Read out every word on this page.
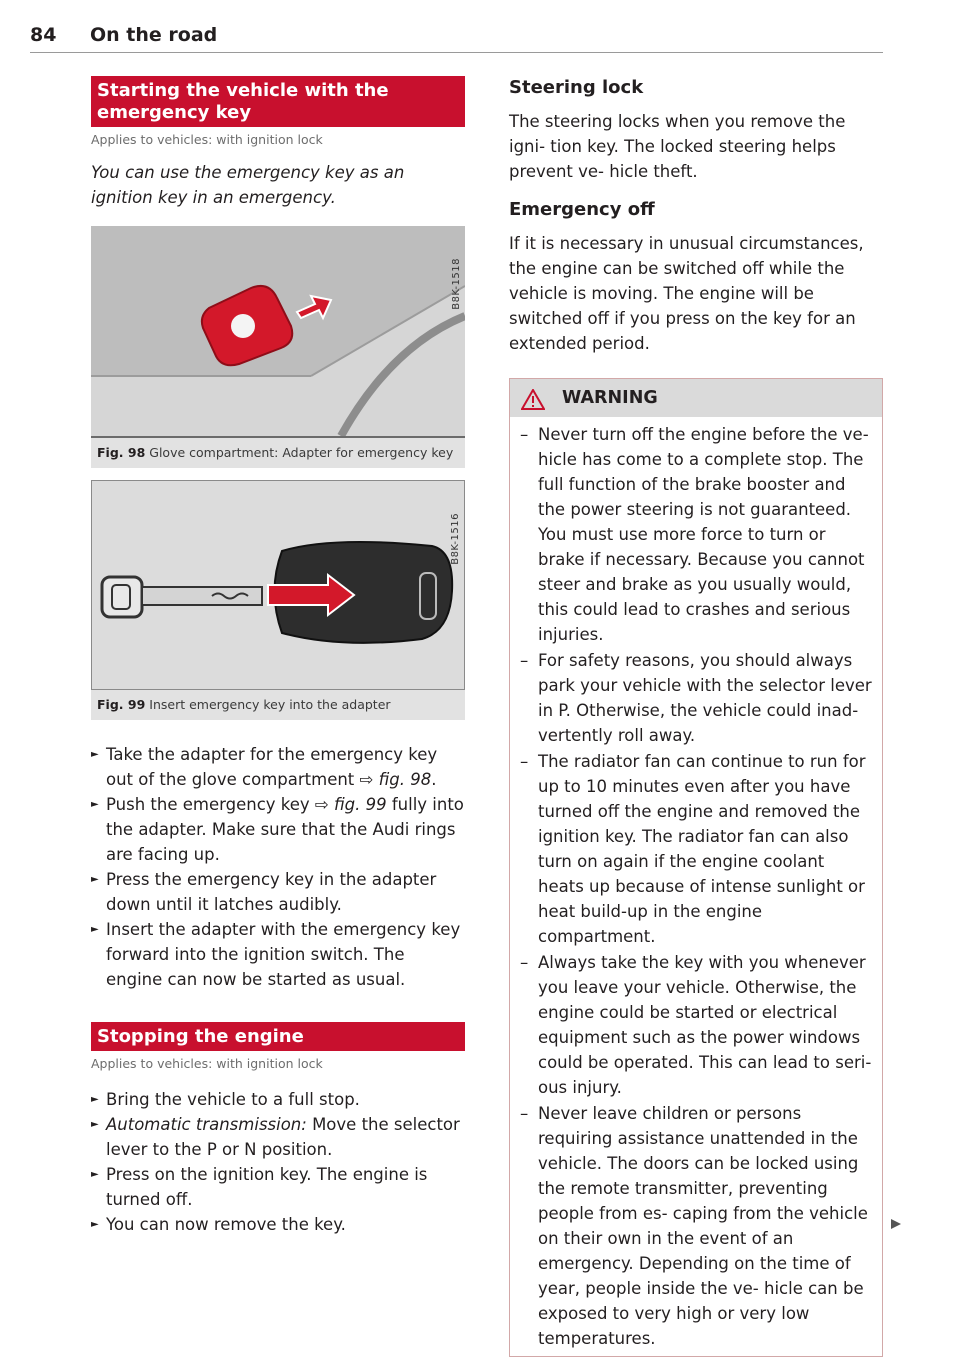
84 On the road
Starting the vehicle with the emergency key
Applies to vehicles: with ignition lock
You can use the emergency key as an ignition key in an emergency.
B8K-1518
Fig. 98 Glove compartment: Adapter for emergency key
B8K-1516
Fig. 99 Insert emergency key into the adapter
► Take the adapter for the emergency key out of the glove compartment ⇨ fig. 98.
► Push the emergency key ⇨ fig. 99 fully into the adapter. Make sure that the Audi rings are facing up.
► Press the emergency key in the adapter down until it latches audibly.
► Insert the adapter with the emergency key forward into the ignition switch. The engine can now be started as usual.
Stopping the engine
Applies to vehicles: with ignition lock
► Bring the vehicle to a full stop.
► Automatic transmission: Move the selector lever to the P or N position.
► Press on the ignition key. The engine is turned off.
► You can now remove the key.
Steering lock
The steering locks when you remove the igni- tion key. The locked steering helps prevent ve- hicle theft.
Emergency off
If it is necessary in unusual circumstances, the engine can be switched off while the vehicle is moving. The engine will be switched off if you press on the key for an extended period.
WARNING
– Never turn off the engine before the ve- hicle has come to a complete stop. The full function of the brake booster and the power steering is not guaranteed. You must use more force to turn or brake if necessary. Because you cannot steer and brake as you usually would, this could lead to crashes and serious injuries.
– For safety reasons, you should always park your vehicle with the selector lever in P. Otherwise, the vehicle could inad- vertently roll away.
– The radiator fan can continue to run for up to 10 minutes even after you have turned off the engine and removed the ignition key. The radiator fan can also turn on again if the engine coolant heats up because of intense sunlight or heat build-up in the engine compartment.
– Always take the key with you whenever you leave your vehicle. Otherwise, the engine could be started or electrical equipment such as the power windows could be operated. This can lead to seri- ous injury.
– Never leave children or persons requiring assistance unattended in the vehicle. The doors can be locked using the remote transmitter, preventing people from es- caping from the vehicle on their own in the event of an emergency. Depending on the time of year, people inside the ve- hicle can be exposed to very high or very low temperatures.
